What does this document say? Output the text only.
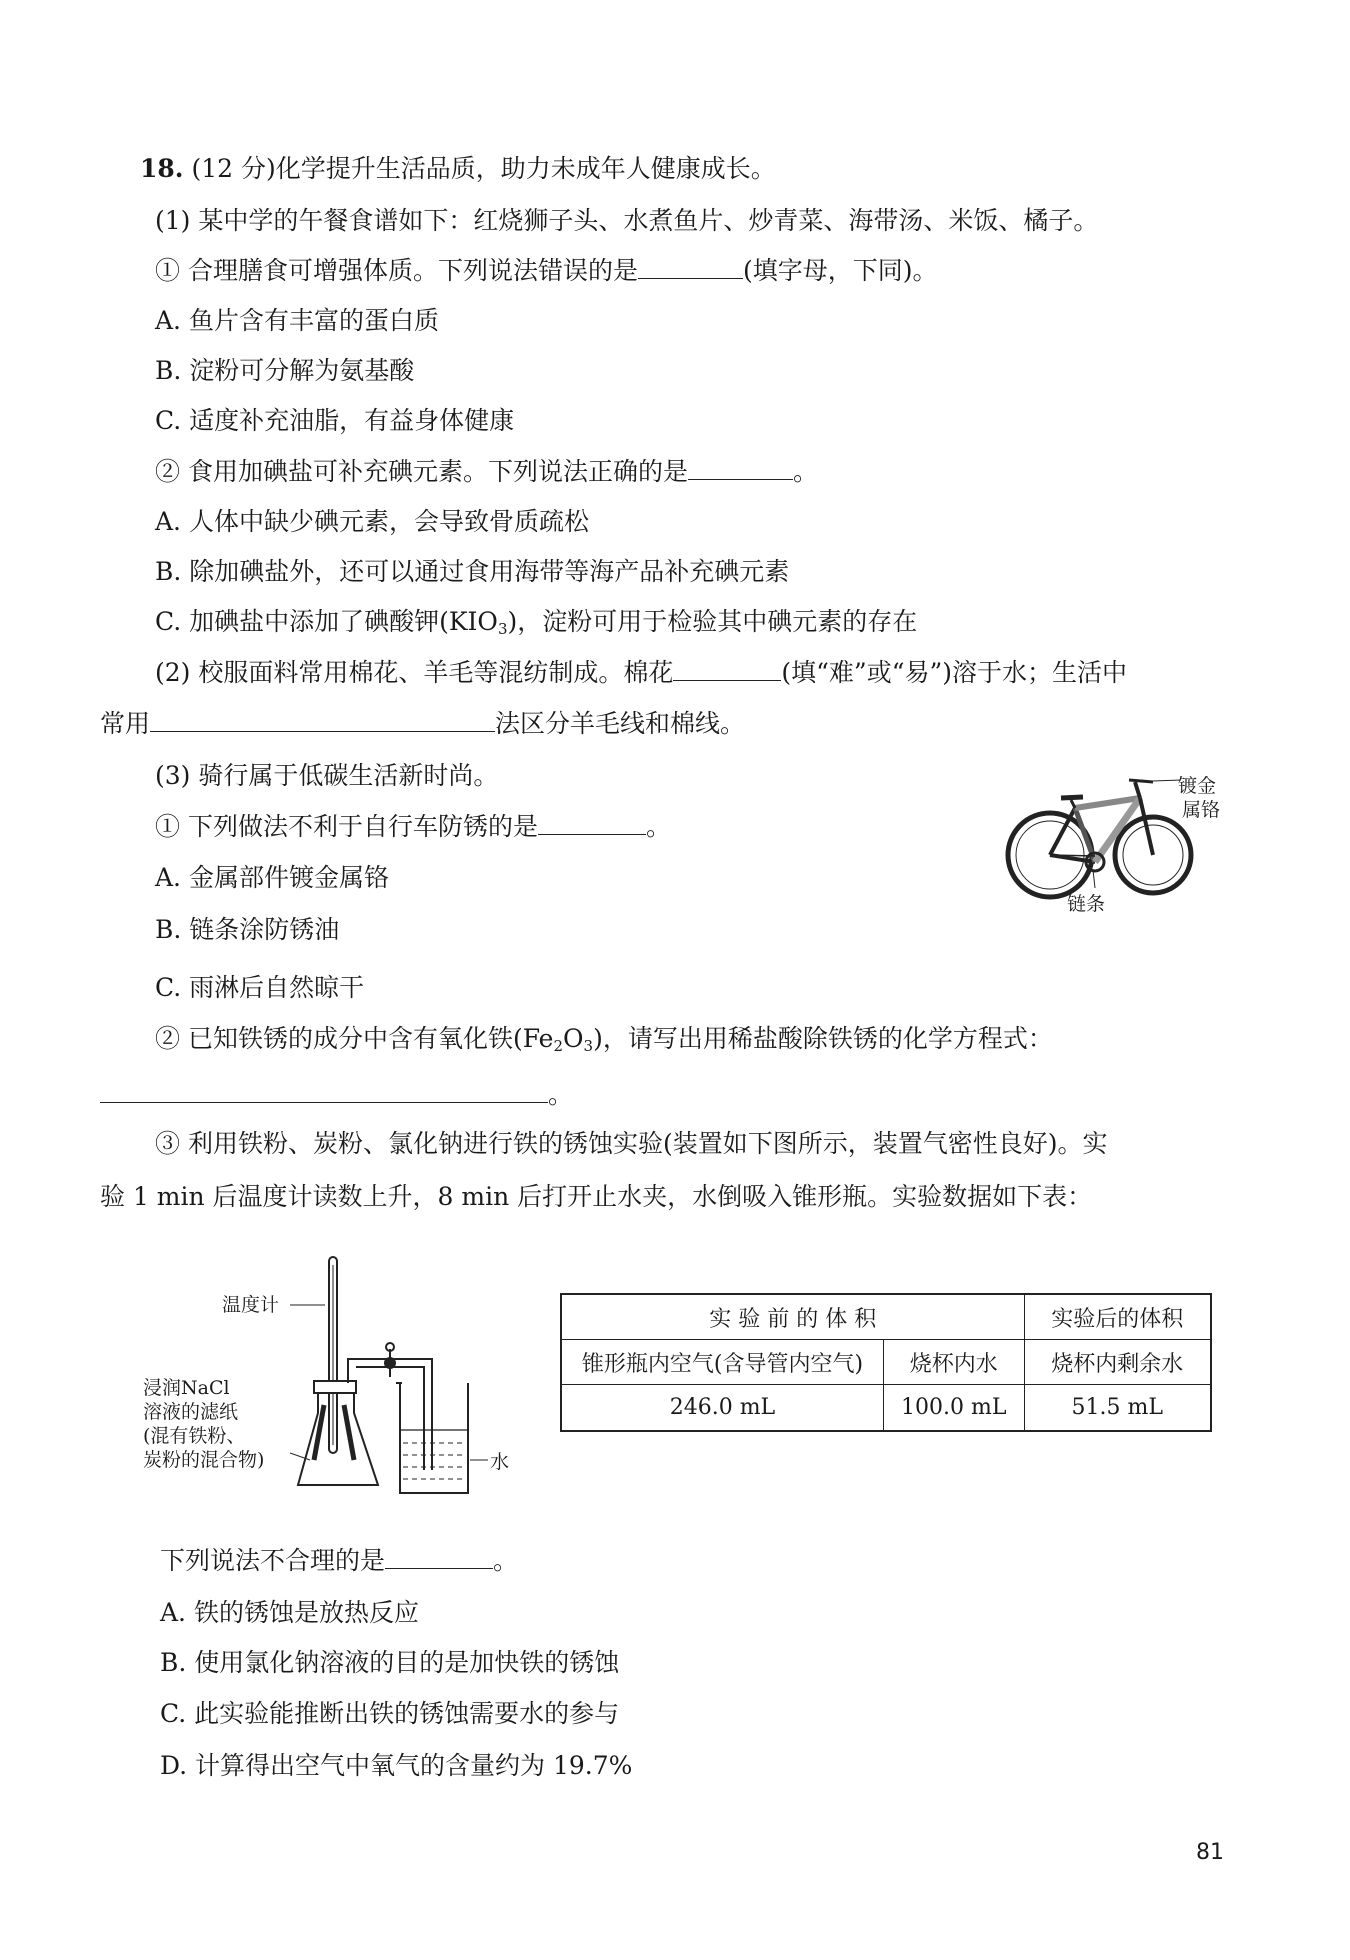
18. (12 分)化学提升生活品质，助力未成年人健康成长。
(1) 某中学的午餐食谱如下：红烧狮子头、水煮鱼片、炒青菜、海带汤、米饭、橘子。
① 合理膳食可增强体质。下列说法错误的是	(填字母，下同)。
A. 鱼片含有丰富的蛋白质
B. 淀粉可分解为氨基酸
C. 适度补充油脂，有益身体健康
② 食用加碘盐可补充碘元素。下列说法正确的是	。
A. 人体中缺少碘元素，会导致骨质疏松
B. 除加碘盐外，还可以通过食用海带等海产品补充碘元素
C. 加碘盐中添加了碘酸钾$(KIO_3)$，淀粉可用于检验其中碘元素的存在
(2) 校服面料常用棉花、羊毛等混纺制成。棉花	(填“难”或“易”)溶于水；生活中
常用	法区分羊毛线和棉线。
(3) 骑行属于低碳生活新时尚。
① 下列做法不利于自行车防锈的是	。
A. 金属部件镀金属铬
B. 链条涂防锈油
C. 雨淋后自然晾干
镀金
属铬
链条
② 已知铁锈的成分中含有氧化铁$(Fe_2O_3)$，请写出用稀盐酸除铁锈的化学方程式：
。
③ 利用铁粉、炭粉、氯化钠进行铁的锈蚀实验(装置如下图所示，装置气密性良好)。实
验 1 min 后温度计读数上升，8 min 后打开止水夹，水倒吸入锥形瓶。实验数据如下表：
温度计
浸润NaCl
溶液的滤纸
(混有铁粉、
炭粉的混合物)	水
实 验 前 的 体 积		实验后的体积
锥形瓶内空气(含导管内空气)	烧杯内水	烧杯内剩余水
246.0 mL	100.0 mL	51.5 mL
下列说法不合理的是	。
A. 铁的锈蚀是放热反应
B. 使用氯化钠溶液的目的是加快铁的锈蚀
C. 此实验能推断出铁的锈蚀需要水的参与
D. 计算得出空气中氧气的含量约为 19.7%
81
